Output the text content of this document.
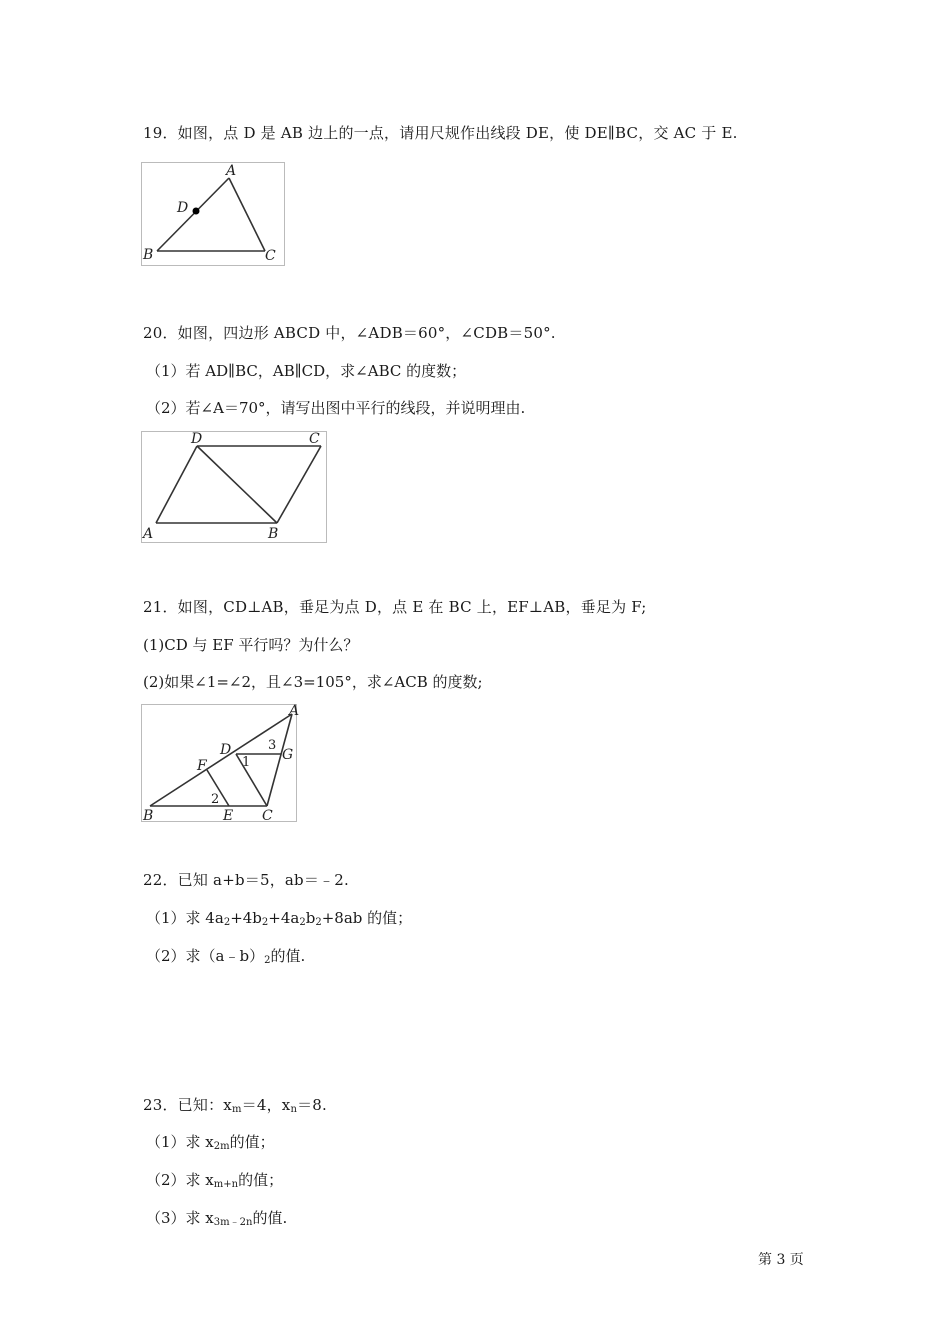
19．如图，点 D 是 AB 边上的一点，请用尺规作出线段 DE，使 DE∥BC，交 AC 于 E.
A
D
B	C
20．如图，四边形 ABCD 中，∠ADB＝60°，∠CDB＝50°.
（1）若 AD∥BC，AB∥CD，求∠ABC 的度数；
（2）若∠A＝70°，请写出图中平行的线段，并说明理由.
D	C
A	B
21．如图，CD⊥AB，垂足为点 D，点 E 在 BC 上，EF⊥AB，垂足为 F;
(1)CD 与 EF 平行吗？为什么？
(2)如果∠1=∠2，且∠3=105°，求∠ACB 的度数;
A
D	G
F
B	E C
3
1
2
22．已知 a+b＝5，ab＝﹣2.
（1）求 4a2+4b2+4a2b2+8ab 的值；
（2）求（a﹣b）2的值.
23．已知：xm＝4，xn＝8.
（1）求 x2m的值；
（2）求 xm+n的值；
（3）求 x3m﹣2n的值.
第 3 页
